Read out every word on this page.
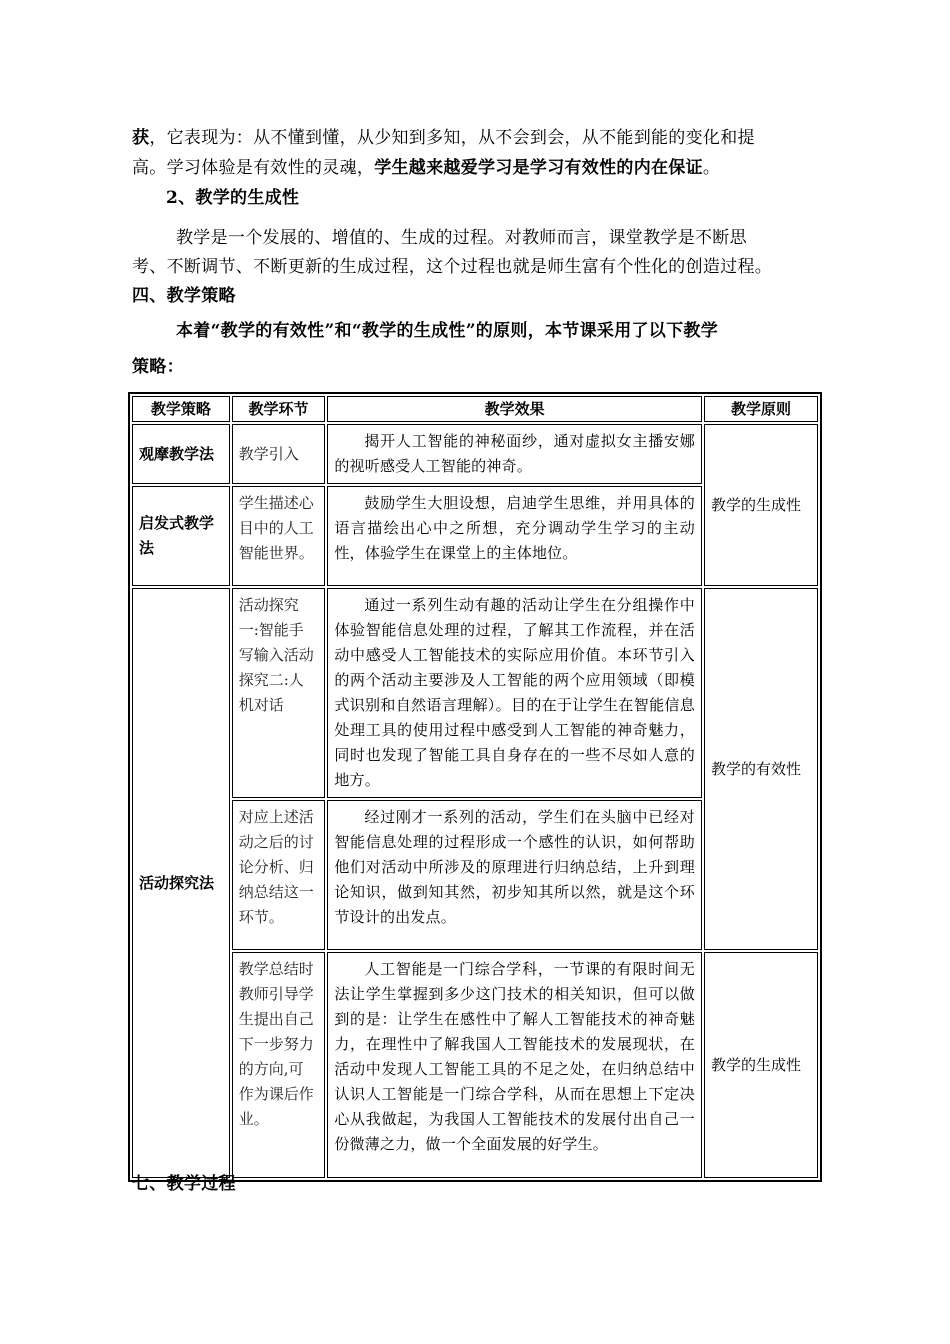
获，它表现为：从不懂到懂，从少知到多知，从不会到会，从不能到能的变化和提
高。学习体验是有效性的灵魂，学生越来越爱学习是学习有效性的内在保证。
2、教学的生成性
教学是一个发展的、增值的、生成的过程。对教师而言，课堂教学是不断思
考、不断调节、不断更新的生成过程，这个过程也就是师生富有个性化的创造过程。
四、教学策略
本着“教学的有效性”和“教学的生成性”的原则，本节课采用了以下教学
策略：
教学策略	教学环节	教学效果	教学原则
观摩教学法	教学引入	揭开人工智能的神秘面纱，通对虚拟女主播安娜的视听感受人工智能的神奇。	教学的生成性
启发式教学法	学生描述心目中的人工智能世界。	鼓励学生大胆设想，启迪学生思维，并用具体的语言描绘出心中之所想，充分调动学生学习的主动性，体验学生在课堂上的主体地位。	
活动探究法	活动探究一:智能手写输入活动探究二:人机对话	通过一系列生动有趣的活动让学生在分组操作中体验智能信息处理的过程，了解其工作流程，并在活动中感受人工智能技术的实际应用价值。本环节引入的两个活动主要涉及人工智能的两个应用领域（即模式识别和自然语言理解）。目的在于让学生在智能信息处理工具的使用过程中感受到人工智能的神奇魅力，同时也发现了智能工具自身存在的一些不尽如人意的地方。	教学的有效性
	对应上述活动之后的讨论分析、归纳总结这一环节。	经过刚才一系列的活动，学生们在头脑中已经对智能信息处理的过程形成一个感性的认识，如何帮助他们对活动中所涉及的原理进行归纳总结，上升到理论知识，做到知其然，初步知其所以然，就是这个环节设计的出发点。	
	教学总结时教师引导学生提出自己下一步努力的方向,可作为课后作业。	人工智能是一门综合学科，一节课的有限时间无法让学生掌握到多少这门技术的相关知识，但可以做到的是：让学生在感性中了解人工智能技术的神奇魅力，在理性中了解我国人工智能技术的发展现状，在活动中发现人工智能工具的不足之处，在归纳总结中认识人工智能是一门综合学科，从而在思想上下定决心从我做起，为我国人工智能技术的发展付出自己一份微薄之力，做一个全面发展的好学生。	教学的生成性
七、教学过程
